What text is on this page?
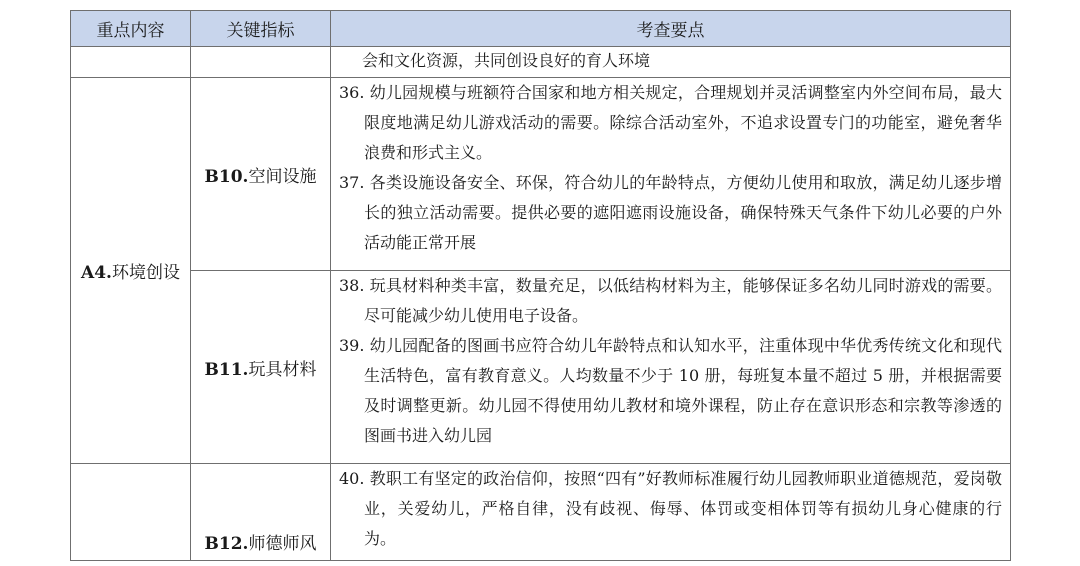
重点内容	关键指标	考查要点

		会和文化资源，共同创设良好的育人环境

A4.环境创设	B10.空间设施	36. 幼儿园规模与班额符合国家和地方相关规定，合理规划并灵活调整室内外空间布局，最大限度地满足幼儿游戏活动的需要。除综合活动室外，不追求设置专门的功能室，避免奢华浪费和形式主义。
37. 各类设施设备安全、环保，符合幼儿的年龄特点，方便幼儿使用和取放，满足幼儿逐步增长的独立活动需要。提供必要的遮阳遮雨设施设备，确保特殊天气条件下幼儿必要的户外活动能正常开展

	B11.玩具材料	38. 玩具材料种类丰富，数量充足，以低结构材料为主，能够保证多名幼儿同时游戏的需要。尽可能减少幼儿使用电子设备。
39. 幼儿园配备的图画书应符合幼儿年龄特点和认知水平，注重体现中华优秀传统文化和现代生活特色，富有教育意义。人均数量不少于 10 册，每班复本量不超过 5 册，并根据需要及时调整更新。幼儿园不得使用幼儿教材和境外课程，防止存在意识形态和宗教等渗透的图画书进入幼儿园

	B12.师德师风	40. 教职工有坚定的政治信仰，按照“四有”好教师标准履行幼儿园教师职业道德规范，爱岗敬业，关爱幼儿，严格自律，没有歧视、侮辱、体罚或变相体罚等有损幼儿身心健康的行为。
